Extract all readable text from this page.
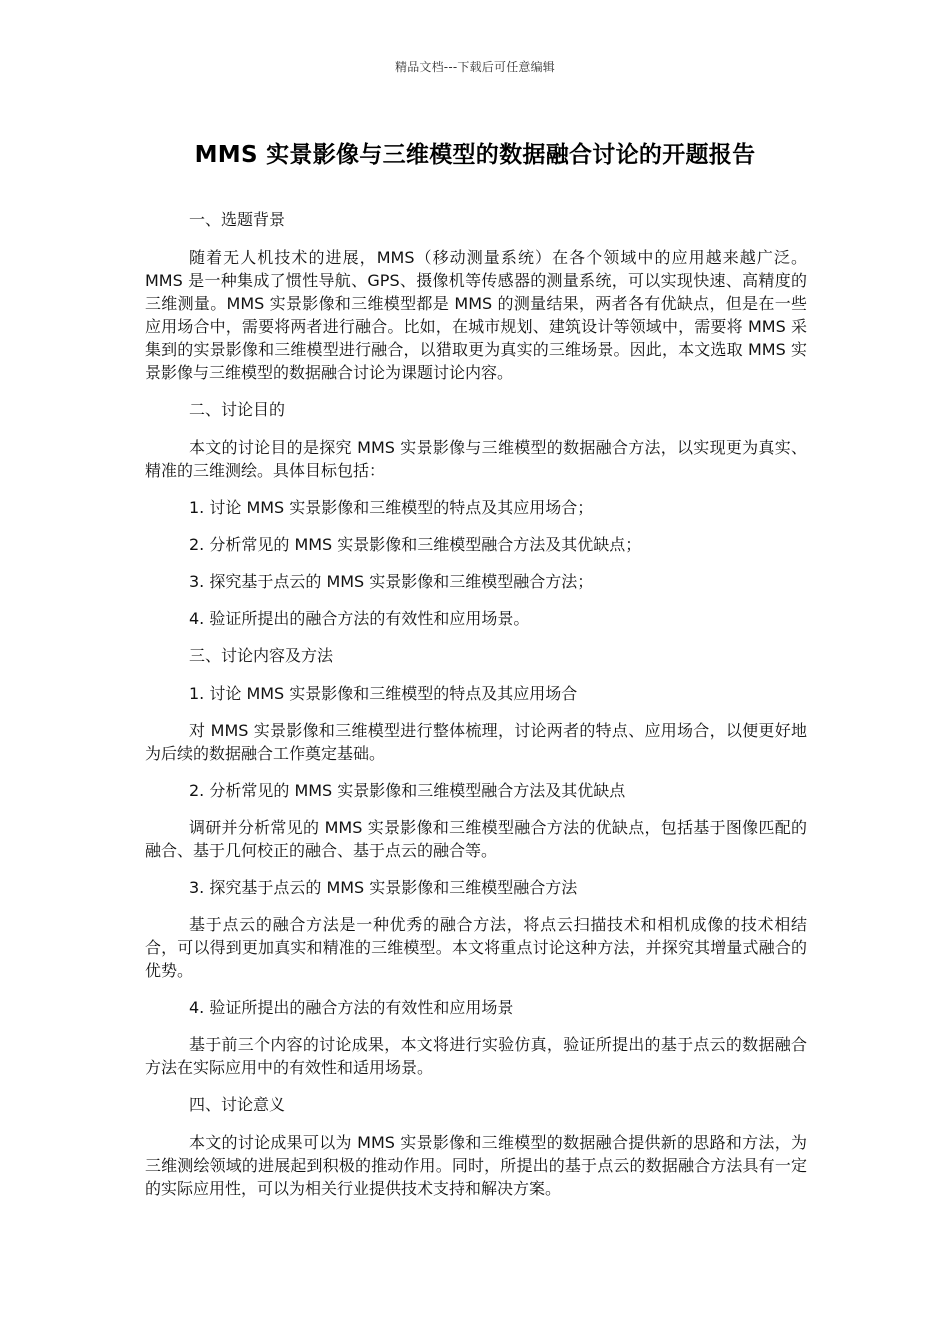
精品文档---下载后可任意编辑
MMS 实景影像与三维模型的数据融合讨论的开题报告

一、选题背景

随着无人机技术的进展，MMS（移动测量系统）在各个领域中的应用越来越广泛。MMS 是一种集成了惯性导航、GPS、摄像机等传感器的测量系统，可以实现快速、高精度的三维测量。MMS 实景影像和三维模型都是 MMS 的测量结果，两者各有优缺点，但是在一些应用场合中，需要将两者进行融合。比如，在城市规划、建筑设计等领域中，需要将 MMS 采集到的实景影像和三维模型进行融合，以猎取更为真实的三维场景。因此，本文选取 MMS 实景影像与三维模型的数据融合讨论为课题讨论内容。

二、讨论目的

本文的讨论目的是探究 MMS 实景影像与三维模型的数据融合方法，以实现更为真实、精准的三维测绘。具体目标包括：

1. 讨论 MMS 实景影像和三维模型的特点及其应用场合；

2. 分析常见的 MMS 实景影像和三维模型融合方法及其优缺点；

3. 探究基于点云的 MMS 实景影像和三维模型融合方法；

4. 验证所提出的融合方法的有效性和应用场景。

三、讨论内容及方法

1. 讨论 MMS 实景影像和三维模型的特点及其应用场合

对 MMS 实景影像和三维模型进行整体梳理，讨论两者的特点、应用场合，以便更好地为后续的数据融合工作奠定基础。

2. 分析常见的 MMS 实景影像和三维模型融合方法及其优缺点

调研并分析常见的 MMS 实景影像和三维模型融合方法的优缺点，包括基于图像匹配的融合、基于几何校正的融合、基于点云的融合等。

3. 探究基于点云的 MMS 实景影像和三维模型融合方法

基于点云的融合方法是一种优秀的融合方法，将点云扫描技术和相机成像的技术相结合，可以得到更加真实和精准的三维模型。本文将重点讨论这种方法，并探究其增量式融合的优势。

4. 验证所提出的融合方法的有效性和应用场景

基于前三个内容的讨论成果，本文将进行实验仿真，验证所提出的基于点云的数据融合方法在实际应用中的有效性和适用场景。

四、讨论意义

本文的讨论成果可以为 MMS 实景影像和三维模型的数据融合提供新的思路和方法，为三维测绘领域的进展起到积极的推动作用。同时，所提出的基于点云的数据融合方法具有一定的实际应用性，可以为相关行业提供技术支持和解决方案。
